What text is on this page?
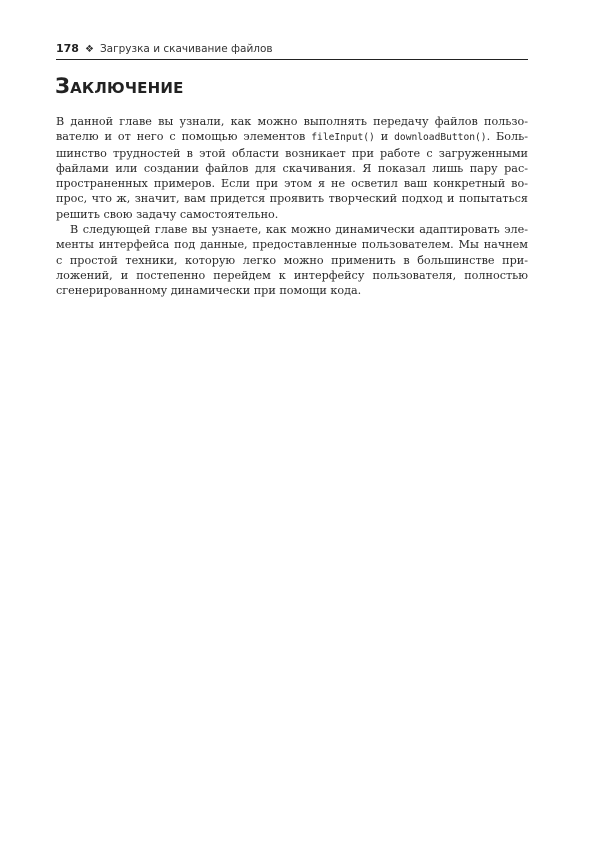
178 ❖ Загрузка и скачивание файлов
Заключение
В данной главе вы узнали, как можно выполнять передачу файлов пользо-
вателю и от него с помощью элементов fileInput() и downloadButton(). Боль-
шинство трудностей в этой области возникает при работе с загруженными
файлами или создании файлов для скачивания. Я показал лишь пару рас-
пространенных примеров. Если при этом я не осветил ваш конкретный во-
прос, что ж, значит, вам придется проявить творческий подход и попытаться
решить свою задачу самостоятельно.
В следующей главе вы узнаете, как можно динамически адаптировать эле-
менты интерфейса под данные, предоставленные пользователем. Мы начнем
с простой техники, которую легко можно применить в большинстве при-
ложений, и постепенно перейдем к интерфейсу пользователя, полностью
сгенерированному динамически при помощи кода.
